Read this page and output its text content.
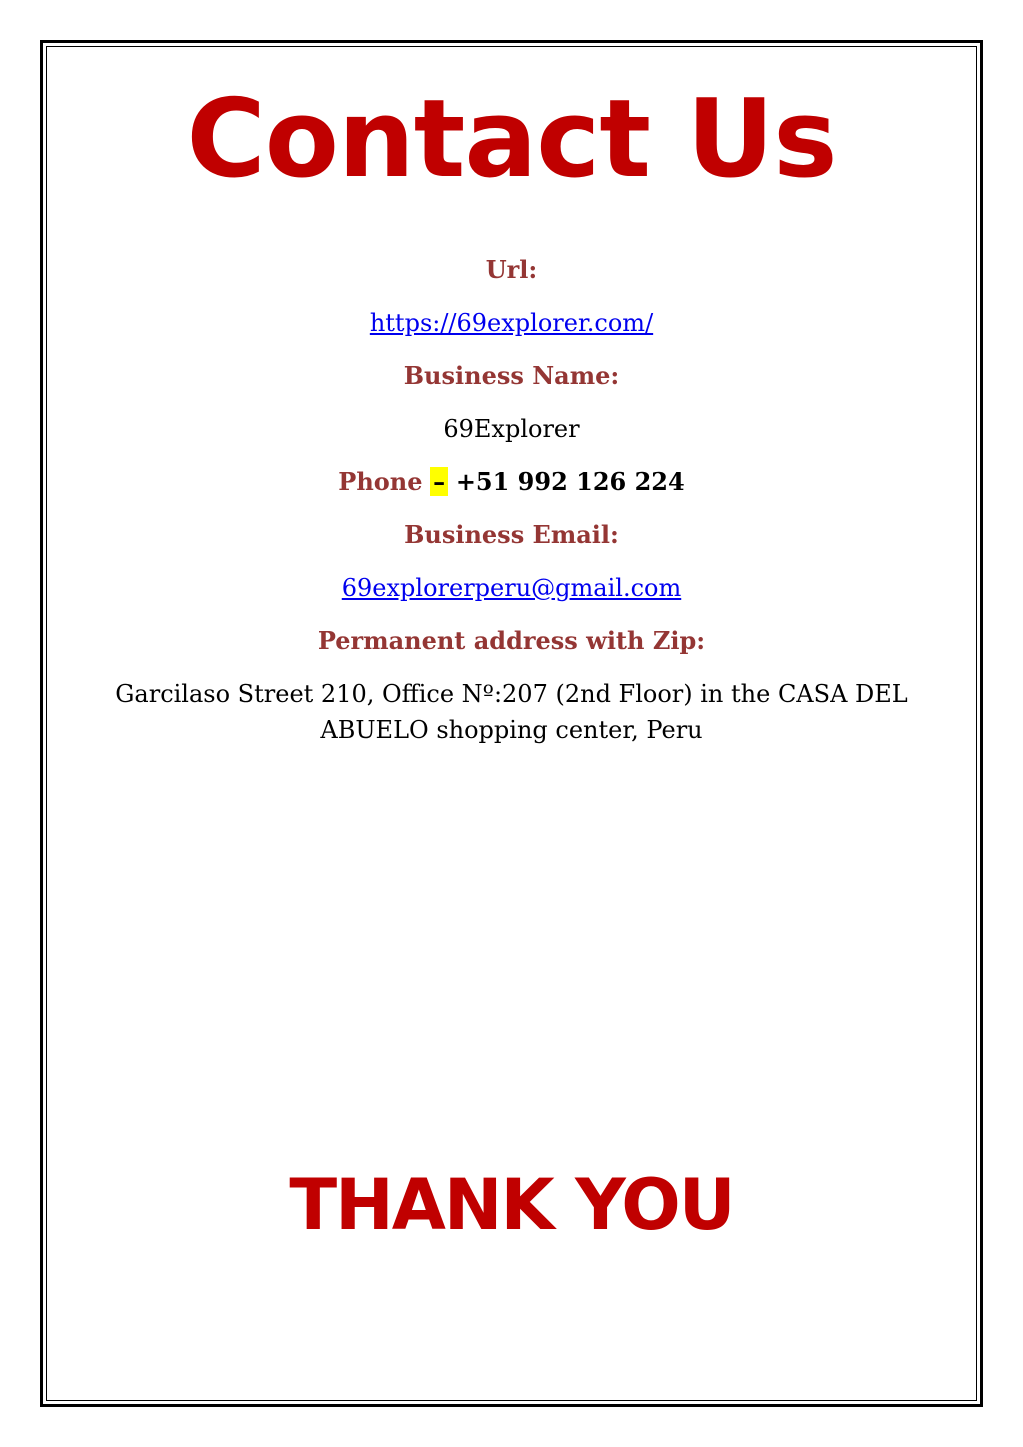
Contact Us
Url:
https://69explorer.com/
Business Name:
69Explorer
Phone – +51 992 126 224
Business Email:
69explorerperu@gmail.com
Permanent address with Zip:
Garcilaso Street 210, Office Nº:207 (2nd Floor) in the CASA DEL
ABUELO shopping center, Peru
THANK YOU
